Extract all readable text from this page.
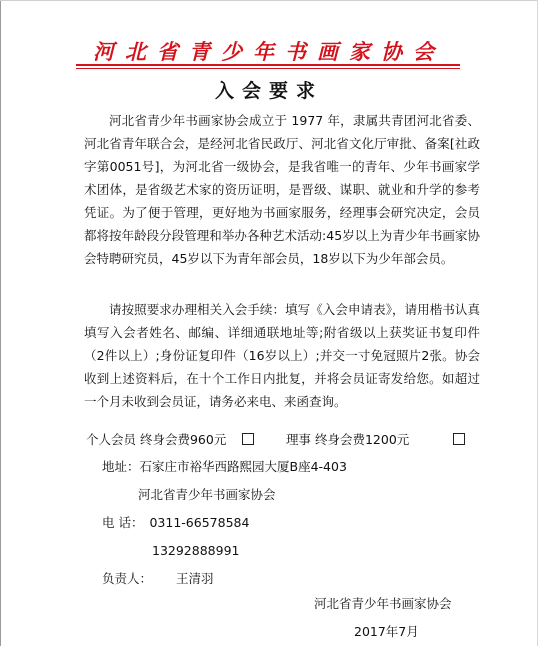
河北省青少年书画家协会
入会要求

河北省青少年书画家协会成立于 1977 年，隶属共青团河北省委、河北省青年联合会，是经河北省民政厅、河北省文化厅审批、备案[社政字第0051号]，为河北省一级协会，是我省唯一的青年、少年书画家学术团体，是省级艺术家的资历证明，是晋级、谋职、就业和升学的参考凭证。为了便于管理，更好地为书画家服务，经理事会研究决定，会员都将按年龄段分段管理和举办各种艺术活动:45岁以上为青少年书画家协会特聘研究员，45岁以下为青年部会员，18岁以下为少年部会员。

请按照要求办理相关入会手续：填写《入会申请表》，请用楷书认真填写入会者姓名、邮编、详细通联地址等;附省级以上获奖证书复印件（2件以上）;身份证复印件（16岁以上）;并交一寸免冠照片2张。协会收到上述资料后，在十个工作日内批复，并将会员证寄发给您。如超过一个月未收到会员证，请务必来电、来函查询。

个人会员 终身会费960元	理事 终身会费1200元
地址：石家庄市裕华西路熙园大厦B座4-403
河北省青少年书画家协会
电 话： 0311-66578584
13292888991
负责人： 王清羽
河北省青少年书画家协会
2017年7月
